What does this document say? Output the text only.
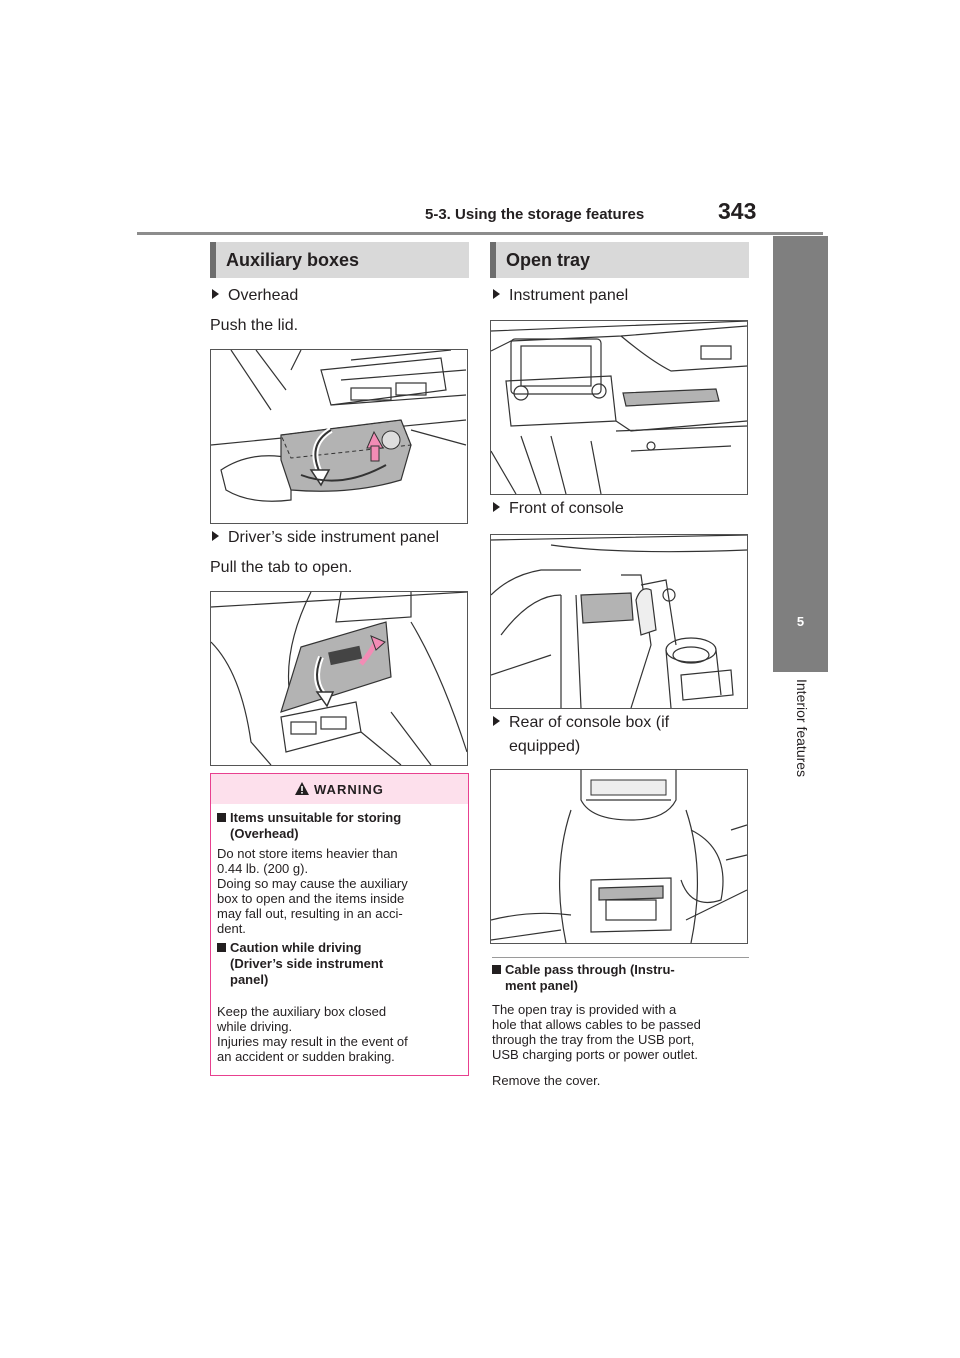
5-3. Using the storage features	343
5
Interior features
Auxiliary boxes
Overhead
Push the lid.
Driver’s side instrument panel
Pull the tab to open.
WARNING
Items unsuitable for storing
(Overhead)
Do not store items heavier than
0.44 lb. (200 g).
Doing so may cause the auxiliary
box to open and the items inside
may fall out, resulting in an acci-
dent.
Caution while driving
(Driver’s side instrument
panel)
Keep the auxiliary box closed
while driving.
Injuries may result in the event of
an accident or sudden braking.
Open tray
Instrument panel
Front of console
Rear of console box (if
equipped)
Cable pass through (Instru-
ment panel)
The open tray is provided with a
hole that allows cables to be passed
through the tray from the USB port,
USB charging ports or power outlet.
Remove the cover.
